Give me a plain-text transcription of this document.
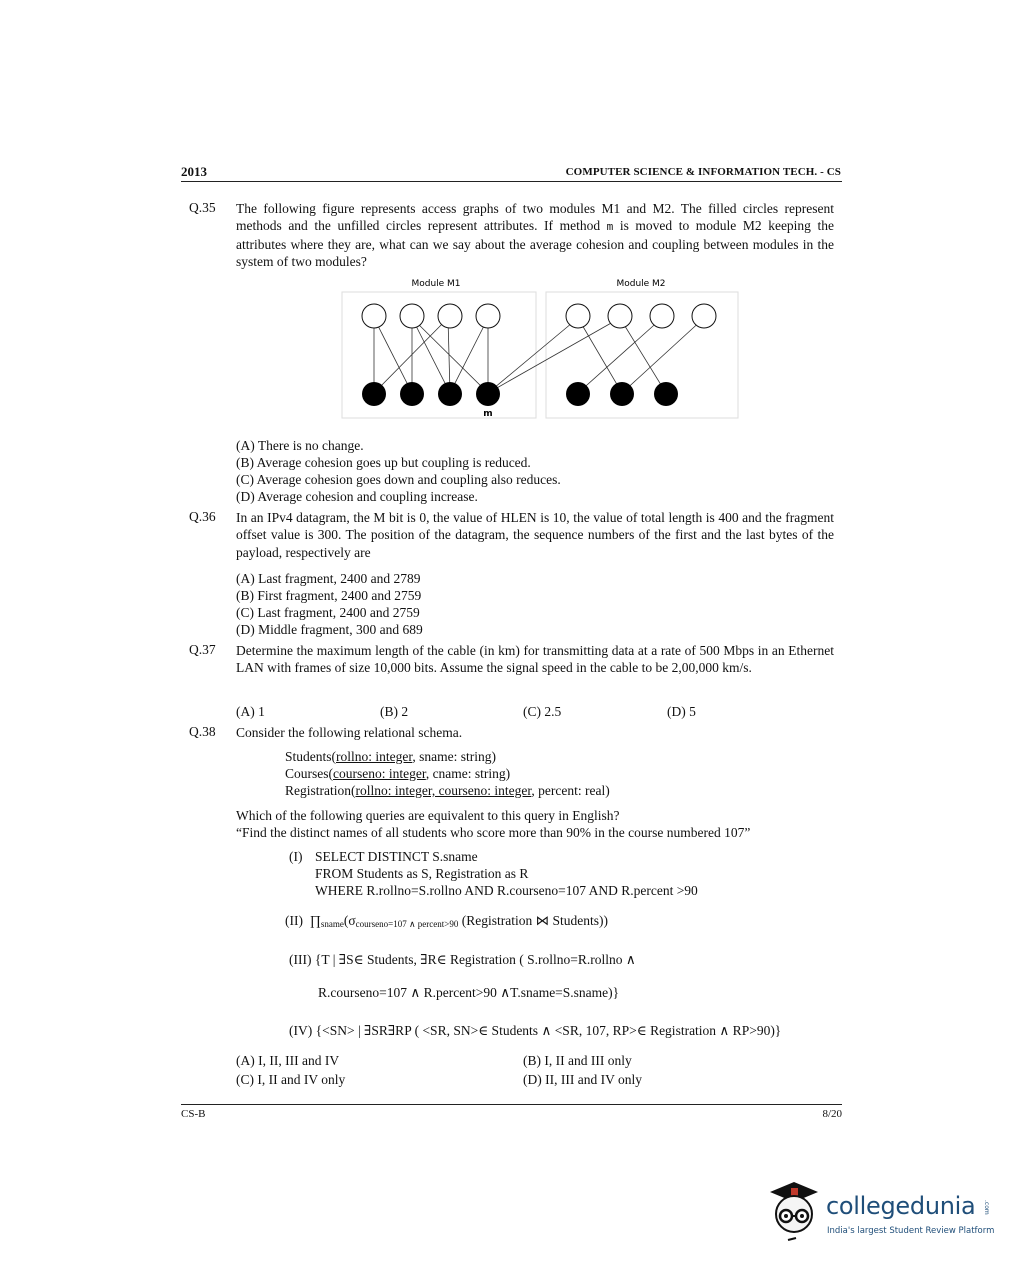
2013	COMPUTER SCIENCE & INFORMATION TECH. - CS
Q.35 The following figure represents access graphs of two modules M1 and M2. The filled circles represent methods and the unfilled circles represent attributes. If method m is moved to module M2 keeping the attributes where they are, what can we say about the average cohesion and coupling between modules in the system of two modules?
Module M1	Module M2
m
(A) There is no change.
(B) Average cohesion goes up but coupling is reduced.
(C) Average cohesion goes down and coupling also reduces.
(D) Average cohesion and coupling increase.
Q.36 In an IPv4 datagram, the M bit is 0, the value of HLEN is 10, the value of total length is 400 and the fragment offset value is 300. The position of the datagram, the sequence numbers of the first and the last bytes of the payload, respectively are
(A) Last fragment, 2400 and 2789
(B) First fragment, 2400 and 2759
(C) Last fragment, 2400 and 2759
(D) Middle fragment, 300 and 689
Q.37 Determine the maximum length of the cable (in km) for transmitting data at a rate of 500 Mbps in an Ethernet LAN with frames of size 10,000 bits. Assume the signal speed in the cable to be 2,00,000 km/s.
(A) 1	(B) 2	(C) 2.5	(D) 5
Q.38 Consider the following relational schema.
Students(rollno: integer, sname: string)
Courses(courseno: integer, cname: string)
Registration(rollno: integer, courseno: integer, percent: real)
Which of the following queries are equivalent to this query in English?
“Find the distinct names of all students who score more than 90% in the course numbered 107”
(I) SELECT DISTINCT S.sname
FROM Students as S, Registration as R
WHERE R.rollno=S.rollno AND R.courseno=107 AND R.percent >90
(II) ∏sname(σcourseno=107 ∧ percent>90 (Registration ⋈ Students))
(III) {T | ∃S∈ Students, ∃R∈ Registration ( S.rollno=R.rollno ∧
R.courseno=107 ∧ R.percent>90 ∧T.sname=S.sname)}
(IV) {<SN> | ∃SR∃RP ( <SR, SN>∈ Students ∧ <SR, 107, RP>∈ Registration ∧ RP>90)}
(A) I, II, III and IV	(B) I, II and III only
(C) I, II and IV only	(D) II, III and IV only
CS-B	8/20
collegedunia .com
India's largest Student Review Platform
